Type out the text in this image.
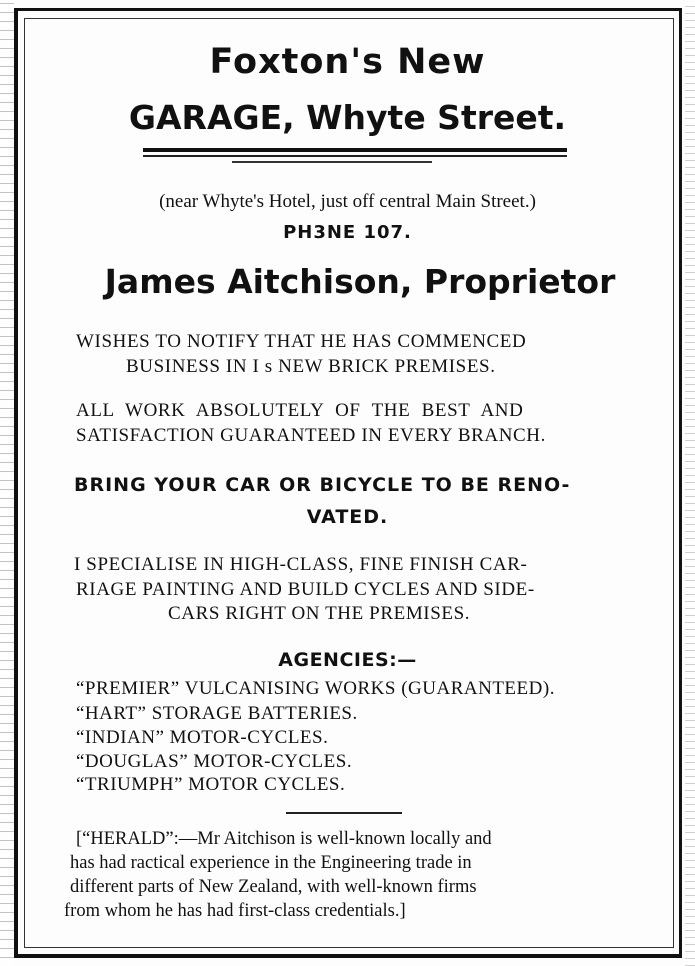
Foxton's New
GARAGE, Whyte Street.
(near Whyte's Hotel, just off central Main Street.)
PH3NE 107.
James Aitchison, Proprietor
WISHES TO NOTIFY THAT HE HAS COMMENCED
BUSINESS IN I s NEW BRICK PREMISES.
ALL WORK ABSOLUTELY OF THE BEST AND
SATISFACTION GUARANTEED IN EVERY BRANCH.
BRING YOUR CAR OR BICYCLE TO BE RENO-
VATED.
I SPECIALISE IN HIGH-CLASS, FINE FINISH CAR-
RIAGE PAINTING AND BUILD CYCLES AND SIDE-
CARS RIGHT ON THE PREMISES.
AGENCIES:—
“PREMIER” VULCANISING WORKS (GUARANTEED).
“HART” STORAGE BATTERIES.
“INDIAN” MOTOR-CYCLES.
“DOUGLAS” MOTOR-CYCLES.
“TRIUMPH” MOTOR CYCLES.
[“HERALD”:—Mr Aitchison is well-known locally and
has had ractical experience in the Engineering trade in
different parts of New Zealand, with well-known firms
from whom he has had first-class credentials.]
